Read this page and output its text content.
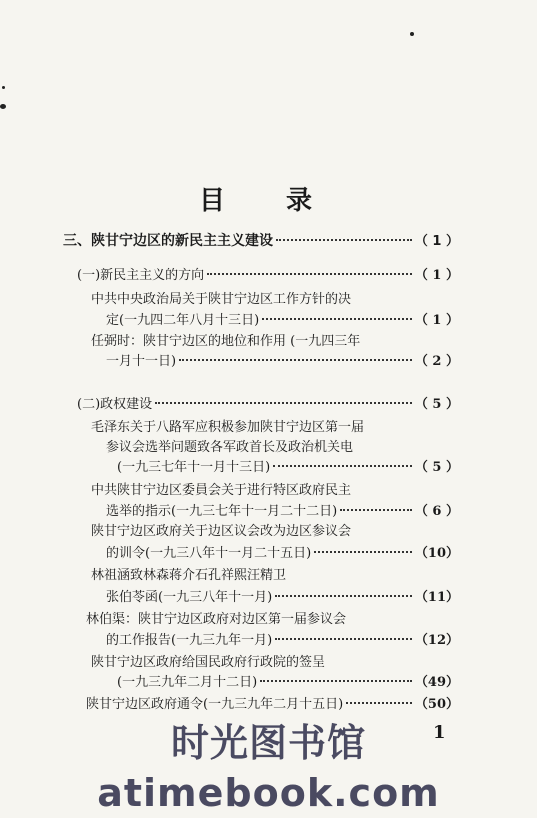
目 录
三、陕甘宁边区的新民主主义建设	（ 1 ）
(一)新民主主义的方向	（ 1 ）
中共中央政治局关于陕甘宁边区工作方针的决
定(一九四二年八月十三日)	（ 1 ）
任弼时：陕甘宁边区的地位和作用 (一九四三年
一月十一日)	（ 2 ）
(二)政权建设	（ 5 ）
毛泽东关于八路军应积极参加陕甘宁边区第一届
参议会选举问题致各军政首长及政治机关电
(一九三七年十一月十三日)	（ 5 ）
中共陕甘宁边区委員会关于进行特区政府民主
选举的指示(一九三七年十一月二十二日)	（ 6 ）
陕甘宁边区政府关于边区议会改为边区参议会
的训令(一九三八年十一月二十五日)	（10）
林祖涵致林森蒋介石孔祥熙汪精卫
张伯苓函(一九三八年十一月)	（11）
林伯渠：陕甘宁边区政府对边区第一届参议会
的工作报告(一九三九年一月)	（12）
陕甘宁边区政府给国民政府行政院的签呈
(一九三九年二月十二日)	（49）
陕甘宁边区政府通令(一九三九年二月十五日)	（50）
1
时光图书馆atimebook.com
